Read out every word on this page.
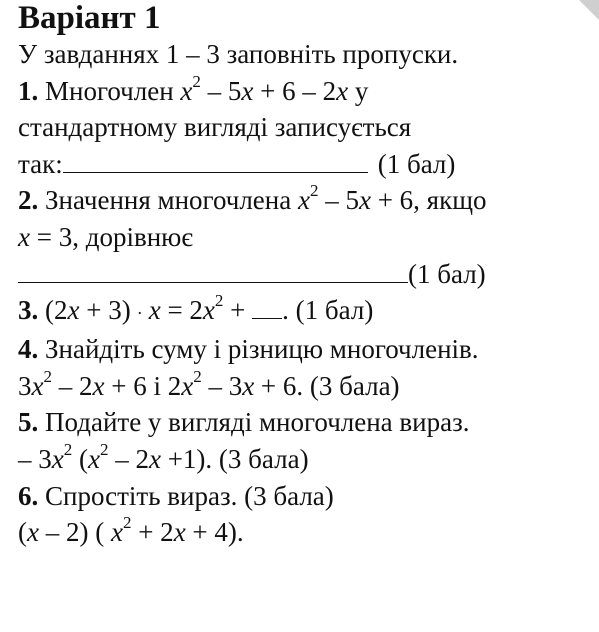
Варіант 1
У завданнях 1 – 3 заповніть пропуски.
1. Многочлен $x^2 - 5x + 6 - 2x$ у
стандартному вигляді записується
так:	(1 бал)
2. Значення многочлена $x^2 - 5x + 6$, якщо
x = 3, дорівнює
(1 бал)
3. $(2x + 3) \cdot x = 2x^2$ + . (1 бал)
4. Знайдіть суму і різницю многочленів.
$3x^2 - 2x + 6$ і $2x^2 - 3x + 6$. (3 бала)
5. Подайте у вигляді многочлена вираз.
– $3x^2$ $(x^2 - 2x +1)$. (3 бала)
6. Спростіть вираз. (3 бала)
(x – 2) ( $x^2 + 2x + 4$).
